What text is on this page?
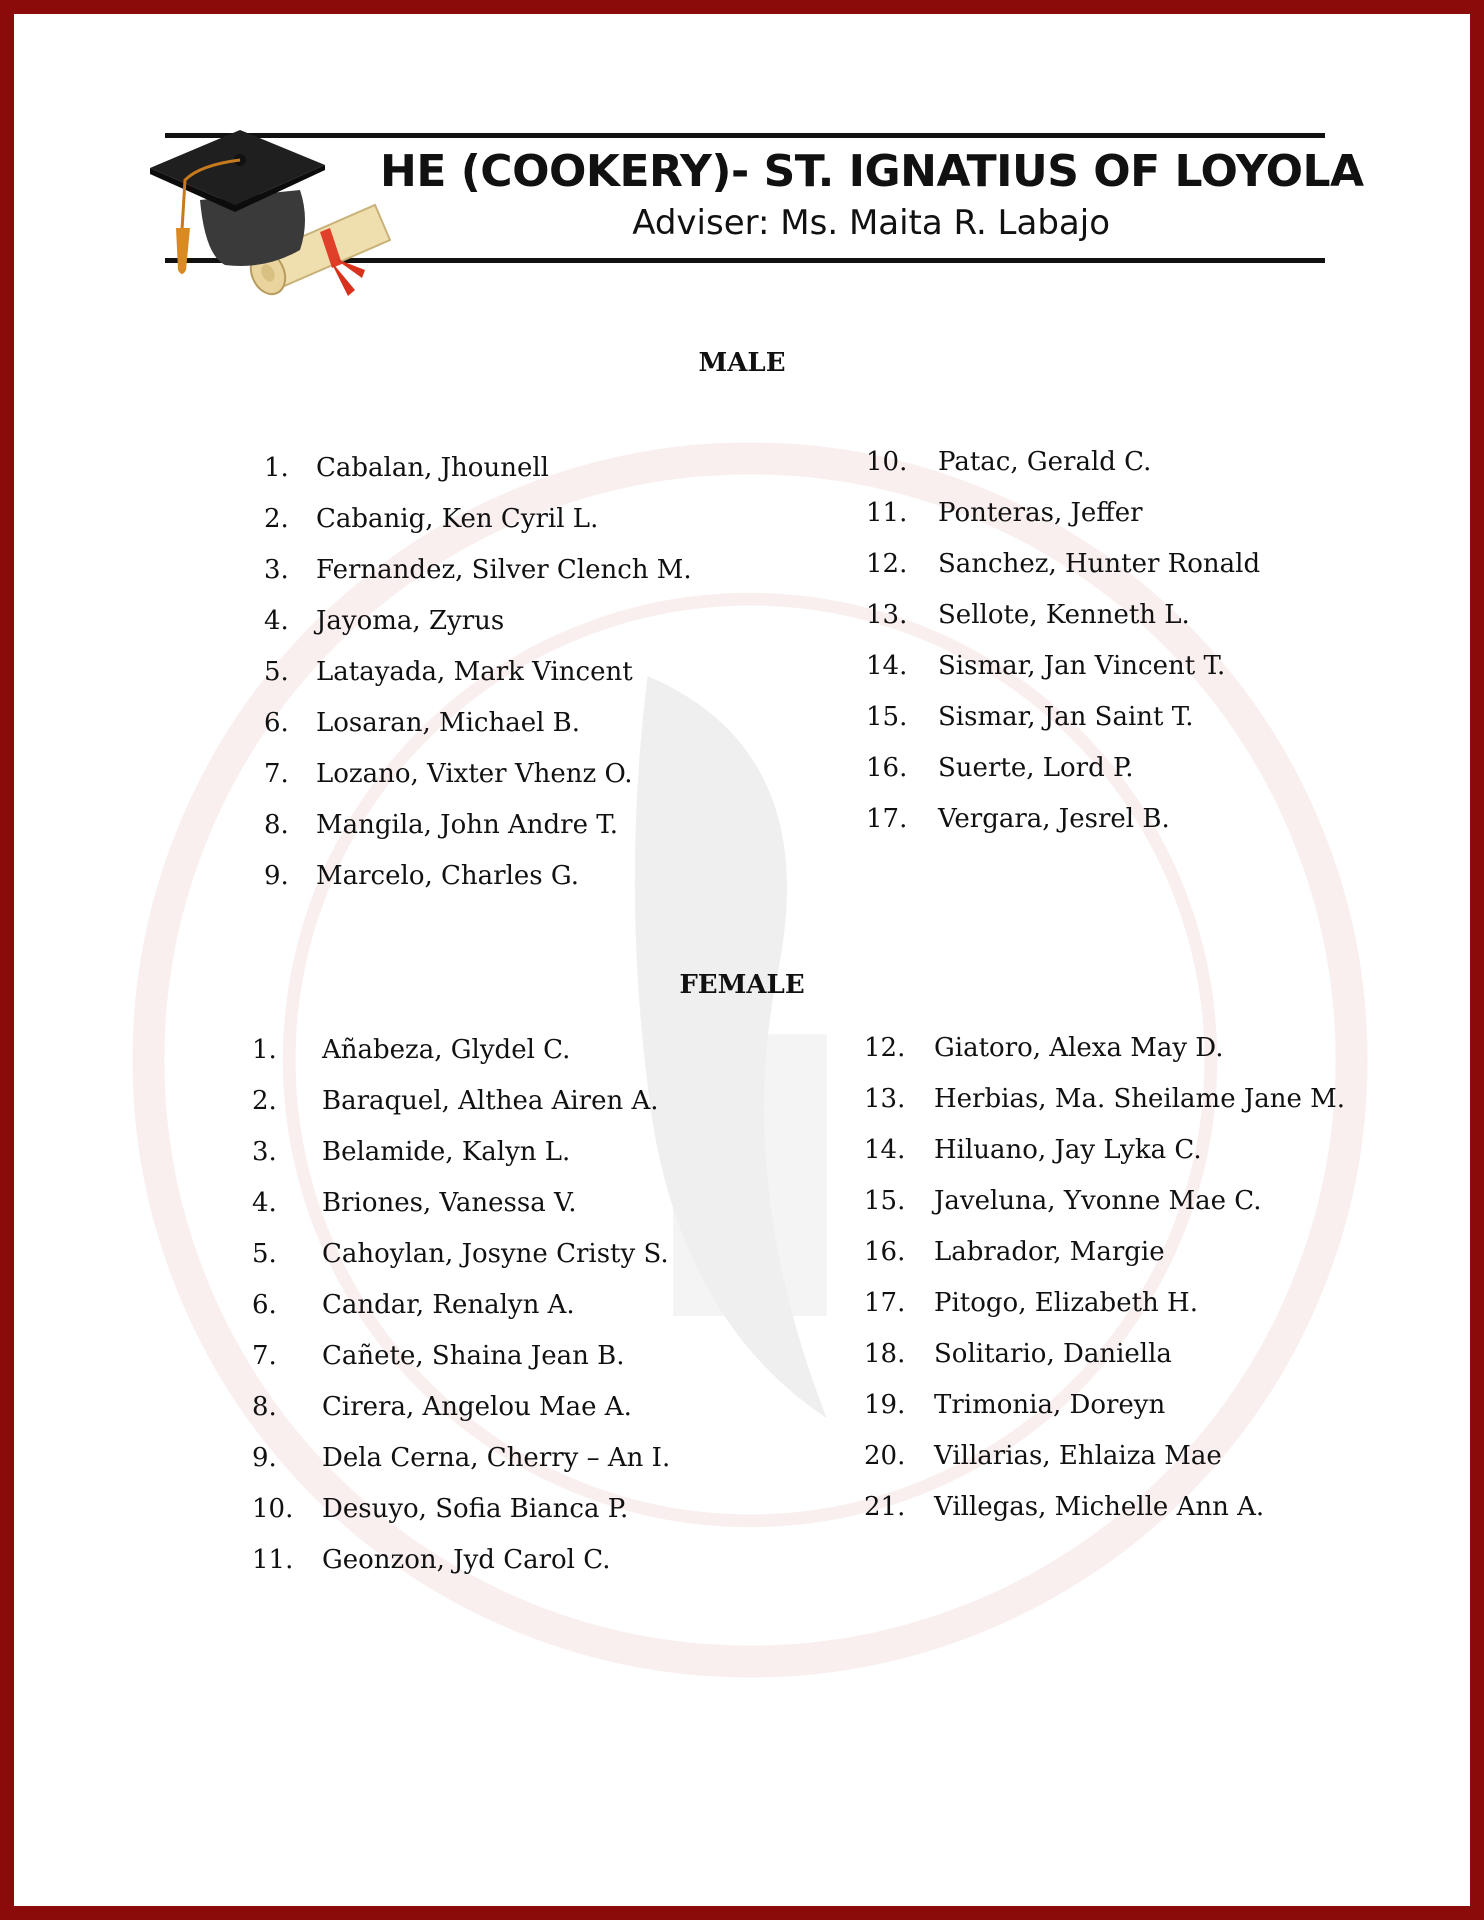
HE (COOKERY)- ST. IGNATIUS OF LOYOLA
Adviser: Ms. Maita R. Labajo
MALE
1. Cabalan, Jhounell
2. Cabanig, Ken Cyril L.
3. Fernandez, Silver Clench M.
4. Jayoma, Zyrus
5. Latayada, Mark Vincent
6. Losaran, Michael B.
7. Lozano, Vixter Vhenz O.
8. Mangila, John Andre T.
9. Marcelo, Charles G.
10. Patac, Gerald C.
11. Ponteras, Jeffer
12. Sanchez, Hunter Ronald
13. Sellote, Kenneth L.
14. Sismar, Jan Vincent T.
15. Sismar, Jan Saint T.
16. Suerte, Lord P.
17. Vergara, Jesrel B.
FEMALE
1. Añabeza, Glydel C.
2. Baraquel, Althea Airen A.
3. Belamide, Kalyn L.
4. Briones, Vanessa V.
5. Cahoylan, Josyne Cristy S.
6. Candar, Renalyn A.
7. Cañete, Shaina Jean B.
8. Cirera, Angelou Mae A.
9. Dela Cerna, Cherry – An I.
10. Desuyo, Sofia Bianca P.
11. Geonzon, Jyd Carol C.
12. Giatoro, Alexa May D.
13. Herbias, Ma. Sheilame Jane M.
14. Hiluano, Jay Lyka C.
15. Javeluna, Yvonne Mae C.
16. Labrador, Margie
17. Pitogo, Elizabeth H.
18. Solitario, Daniella
19. Trimonia, Doreyn
20. Villarias, Ehlaiza Mae
21. Villegas, Michelle Ann A.
